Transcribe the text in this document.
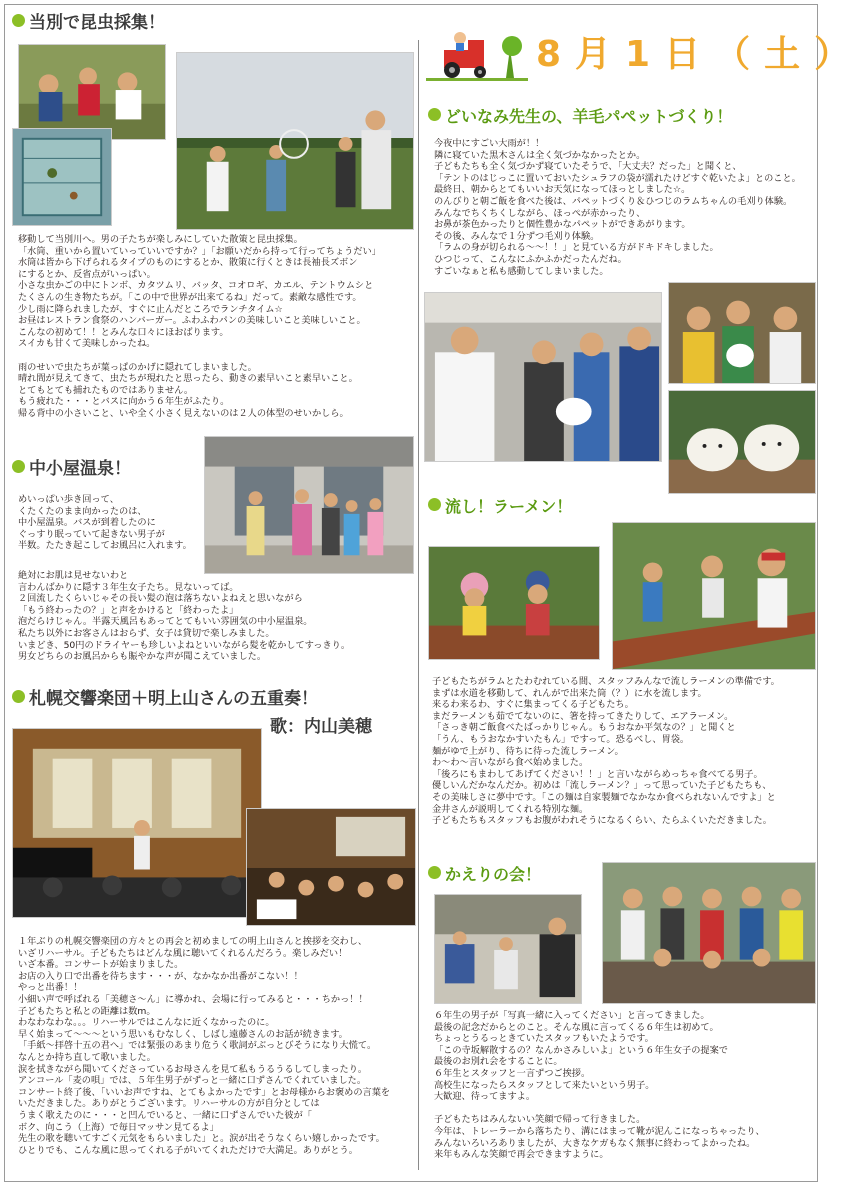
当別で昆虫採集！
移動して当別川へ。男の子たちが楽しみにしていた散策と昆虫採集。
「水筒、重いから置いていっていいですか？」「お願いだから持って行ってちょうだい」
水筒は皆から下げられるタイプのものにするとか、散策に行くときは長袖長ズボン
にするとか、反省点がいっぱい。
小さな虫かごの中にトンボ、カタツムリ、バッタ、コオロギ、カエル、テントウムシと
たくさんの生き物たちが。「この中で世界が出来てるね」だって。素敵な感性です。
少し雨に降られましたが、すぐに止んだところでランチタイム☆
お昼はレストラン食祭のハンバーガー。ふわふわパンの美味しいこと美味しいこと。
こんなの初めて！！とみんな口々にほおばります。
スイカも甘くて美味しかったね。

雨のせいで虫たちが葉っぱのかげに隠れてしまいました。
晴れ間が見えてきて、虫たちが現れたと思ったら、動きの素早いこと素早いこと。
とてもとても捕れたものではありません。
もう疲れた・・・とバスに向かう６年生がふたり。
帰る背中の小さいこと、いや全く小さく見えないのは２人の体型のせいかしら。
中小屋温泉！
めいっぱい歩き回って、
くたくたのまま向かったのは、
中小屋温泉。バスが到着したのに
ぐっすり眠っていて起きない男子が
半数。たたき起こしてお風呂に入れます。
絶対にお肌は見せないわと
言わんばかりに隠す３年生女子たち。見ないってば。
２回流したくらいじゃその長い髪の泡は落ちないよねえと思いながら
「もう終わったの？」と声をかけると「終わったよ」
泡だらけじゃん。半露天風呂もあってとてもいい雰囲気の中小屋温泉。
私たち以外にお客さんはおらず、女子は貸切で楽しみました。
いまどき、50円のドライヤーも珍しいよねといいながら髪を乾かしてすっきり。
男女どちらのお風呂からも賑やかな声が聞こえていました。
札幌交響楽団＋明上山さんの五重奏！
歌：内山美穂
１年ぶりの札幌交響楽団の方々との再会と初めましての明上山さんと挨拶を交わし、
いざリハーサル。子どもたちはどんな風に聴いてくれるんだろう。楽しみだい！
いざ本番。コンサートが始まりました。
お店の入り口で出番を待ちます・・・が、なかなか出番がこない！！
やっと出番！！
小細い声で呼ばれる「美穂さ～ん」に導かれ、会場に行ってみると・・・ちかっ！！
子どもたちと私との距離は数m。
わなわなわな。。。リハーサルではこんなに近くなかったのに。
早く始まって～～～という思いもむなしく、しばし遠藤さんのお話が続きます。
「手紙～拝啓十五の君へ」では緊張のあまり危うく歌詞がぶっとびそうになり大慌て。
なんとか持ち直して歌いました。
涙を拭きながら聞いてくださっているお母さんを見て私もうるうるしてしまったり。
アンコール「麦の唄」では、５年生男子がずっと一緒に口ずさんでくれていました。
コンサート終了後、「いいお声ですね、とてもよかったです」とお母様からお褒めの言葉を
いただきました。ありがとうございます。リハーサルの方が自分としては
うまく歌えたのに・・・と凹んでいると、一緒に口ずさんでいた彼が「
ボク、向こう（上海）で毎日マッサン見てるよ」
先生の歌を聴いてすごく元気をもらいました」と。涙が出そうなくらい嬉しかったです。
ひとりでも、こんな風に思ってくれる子がいてくれただけで大満足。ありがとう。
8月1日（土）
どいなみ先生の、羊毛パペットづくり！
今夜中にすごい大雨が！！
隣に寝ていた黒木さんは全く気づかなかったとか。
子どもたちも全く気づかず寝ていたそうで、「大丈夫？だった」と聞くと、
「テントのはじっこに置いておいたシュラフの袋が濡れたけどすぐ乾いたよ」とのこと。
最終日、朝からとてもいいお天気になってほっとしました☆。
のんびりと朝ご飯を食べた後は、パペットづくり＆ひつじのラムちゃんの毛刈り体験。
みんなでちくちくしながら、ほっぺが赤かったり、
お鼻が茶色かったりと個性豊かなパペットができあがります。
その後、みんなで１分ずつ毛刈り体験。
「ラムの身が切られる～～！！」と見ている方がドキドキしました。
ひつじって、こんなにふかふかだったんだね。
すごいなぁと私も感動してしまいました。
流し！ラーメン！
子どもたちがラムとたわむれている間、スタッフみんなで流しラーメンの準備です。
まずは水道を移動して、れんがで出来た筒（？）に水を流します。
来るわ来るわ、すぐに集まってくる子どもたち。
まだラーメンも茹でてないのに、箸を持ってきたりして、エアラーメン。
「さっき朝ご飯食べたばっかりじゃん。もうおなか平気なの？」と聞くと
「うん、もうおなかすいたもん」ですって。恐るべし、胃袋。
麺がゆで上がり、待ちに待った流しラーメン。
わ～わ～言いながら食べ始めました。
「後ろにもまわしてあげてください！！」と言いながらめっちゃ食べてる男子。
優しいんだかなんだか。初めは「流しラーメン？」って思っていた子どもたちも、
その美味しさに夢中です。「この麺は自家製麺でなかなか食べられないんですよ」と
金井さんが説明してくれる特別な麺。
子どもたちもスタッフもお腹がわれそうになるくらい、たらふくいただきました。
かえりの会！
６年生の男子が「写真一緒に入ってください」と言ってきました。
最後の記念だからとのこと。そんな風に言ってくる６年生は初めて。
ちょっとうるっときていたスタッフもいたようです。
「この寺坂解散するの？なんかさみしいよ」という６年生女子の提案で
最後のお別れ会をすることに。
６年生とスタッフと一言ずつご挨拶。
高校生になったらスタッフとして来たいという男子。
大歓迎、待ってますよ。

子どもたちはみんないい笑顔で帰って行きました。
今年は、トレーラーから落ちたり、溝にはまって靴が泥んこになっちゃったり、
みんないろいろありましたが、大きなケガもなく無事に終わってよかったね。
来年もみんな笑顔で再会できますように。
